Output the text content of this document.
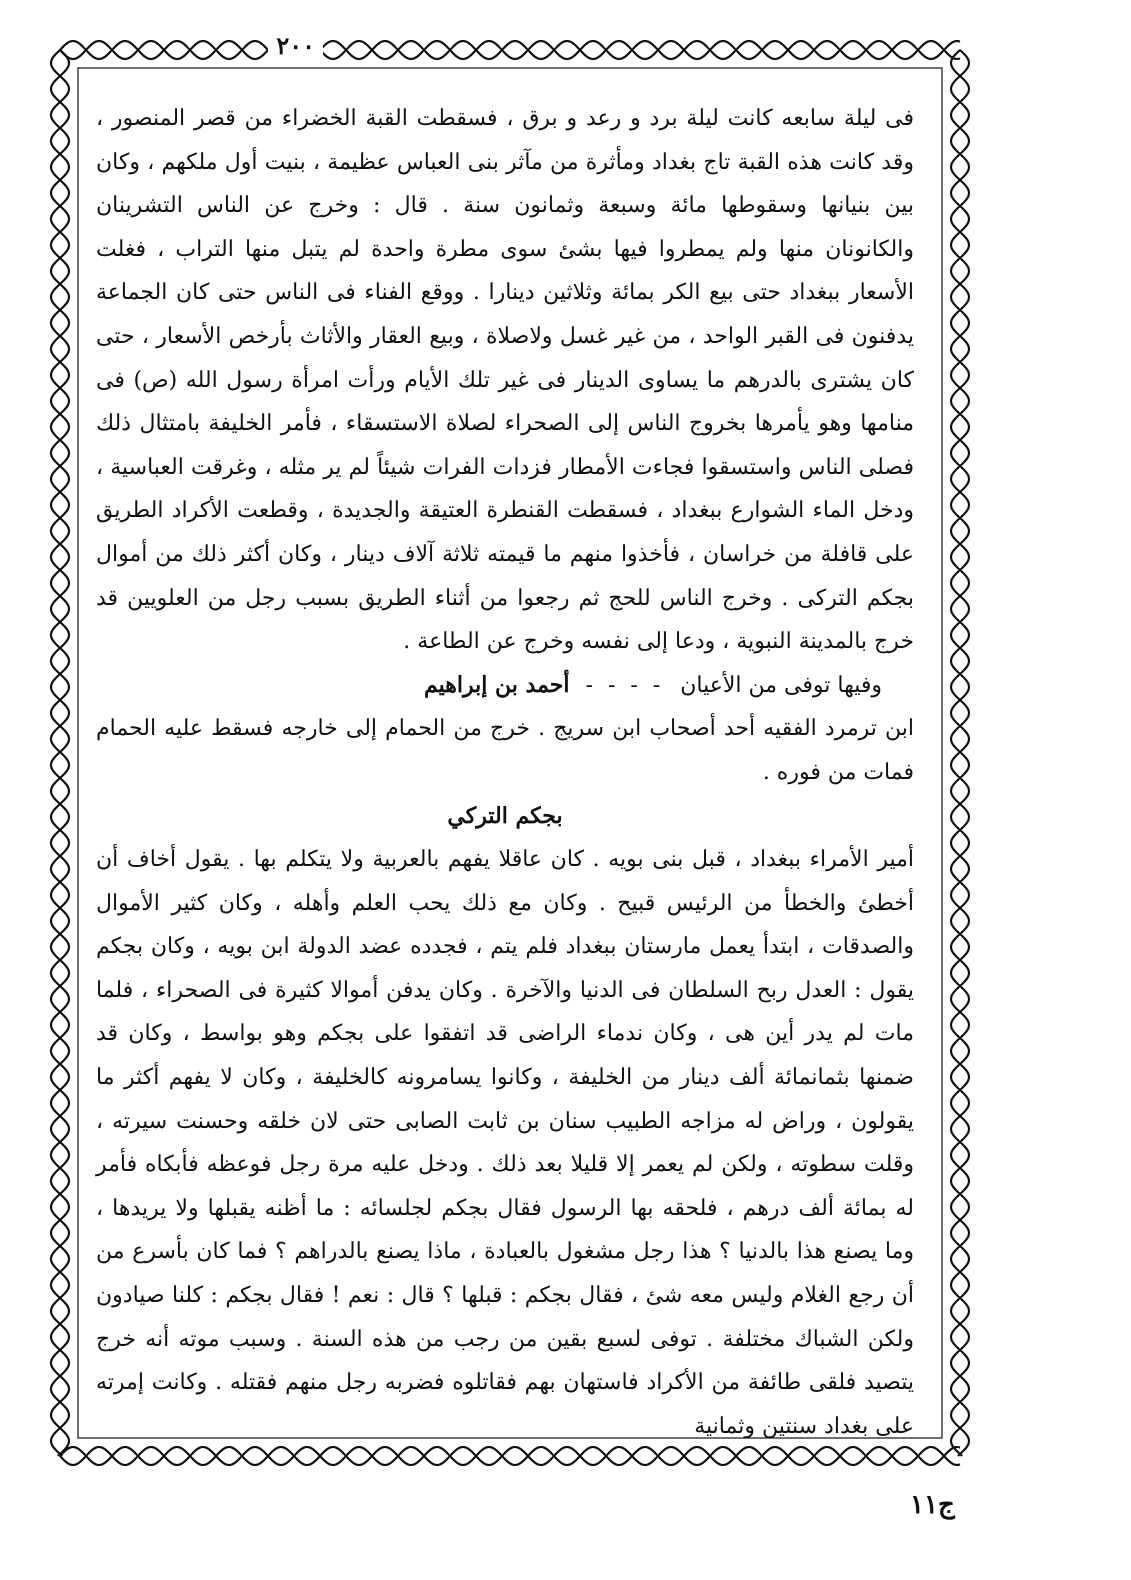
فى ليلة سابعه كانت ليلة برد و رعد و برق ، فسقطت القبة الخضراء من قصر المنصور ، وقد كانت هذه القبة تاج بغداد ومأثرة من مآثر بنى العباس عظيمة ، بنيت أول ملكهم ، وكان بين بنيانها وسقوطها مائة وسبعة وثمانون سنة . قال : وخرج عن الناس التشرينان والكانونان منها ولم يمطروا فيها بشئ سوى مطرة واحدة لم يتبل منها التراب ، فغلت الأسعار ببغداد حتى بيع الكر بمائة وثلاثين دينارا . ووقع الفناء فى الناس حتى كان الجماعة يدفنون فى القبر الواحد ، من غير غسل ولاصلاة ، وبيع العقار والأثاث بأرخص الأسعار ، حتى كان يشترى بالدرهم ما يساوى الدينار فى غير تلك الأيام ورأت امرأة رسول الله (ص) فى منامها وهو يأمرها بخروج الناس إلى الصحراء لصلاة الاستسقاء ، فأمر الخليفة بامتثال ذلك فصلى الناس واستسقوا فجاءت الأمطار فزدات الفرات شيئاً لم ير مثله ، وغرقت العباسية ، ودخل الماء الشوارع ببغداد ، فسقطت القنطرة العتيقة والجديدة ، وقطعت الأكراد الطريق على قافلة من خراسان ، فأخذوا منهم ما قيمته ثلاثة آلاف دينار ، وكان أكثر ذلك من أموال بجكم التركى . وخرج الناس للحج ثم رجعوا من أثناء الطريق بسبب رجل من العلويين قد خرج بالمدينة النبوية ، ودعا إلى نفسه وخرج عن الطاعة .

وفيها توفى من الأعيان
- - - -
أحمد بن إبراهيم

ابن ترمرد الفقيه أحد أصحاب ابن سريج . خرج من الحمام إلى خارجه فسقط عليه الحمام فمات من فوره .

بجكم التركي

أمير الأمراء ببغداد ، قبل بنى بويه . كان عاقلا يفهم بالعربية ولا يتكلم بها . يقول أخاف أن أخطئ والخطأ من الرئيس قبيح . وكان مع ذلك يحب العلم وأهله ، وكان كثير الأموال والصدقات ، ابتدأ يعمل مارستان ببغداد فلم يتم ، فجدده عضد الدولة ابن بويه ، وكان بجكم يقول : العدل ربح السلطان فى الدنيا والآخرة . وكان يدفن أموالا كثيرة فى الصحراء ، فلما مات لم يدر أين هى ، وكان ندماء الراضى قد اتفقوا على بجكم وهو بواسط ، وكان قد ضمنها بثمانمائة ألف دينار من الخليفة ، وكانوا يسامرونه كالخليفة ، وكان لا يفهم أكثر ما يقولون ، وراض له مزاجه الطبيب سنان بن ثابت الصابى حتى لان خلقه وحسنت سيرته ، وقلت سطوته ، ولكن لم يعمر إلا قليلا بعد ذلك . ودخل عليه مرة رجل فوعظه فأبكاه فأمر له بمائة ألف درهم ، فلحقه بها الرسول فقال بجكم لجلسائه : ما أظنه يقبلها ولا يريدها ، وما يصنع هذا بالدنيا ؟ هذا رجل مشغول بالعبادة ، ماذا يصنع بالدراهم ؟ فما كان بأسرع من أن رجع الغلام وليس معه شئ ، فقال بجكم : قبلها ؟ قال : نعم ! فقال بجكم : كلنا صيادون ولكن الشباك مختلفة . توفى لسبع بقين من رجب من هذه السنة . وسبب موته أنه خرج يتصيد فلقى طائفة من الأكراد فاستهان بهم فقاتلوه فضربه رجل منهم فقتله . وكانت إمرته على بغداد سنتين وثمانية

٢٠٠
ج١١
